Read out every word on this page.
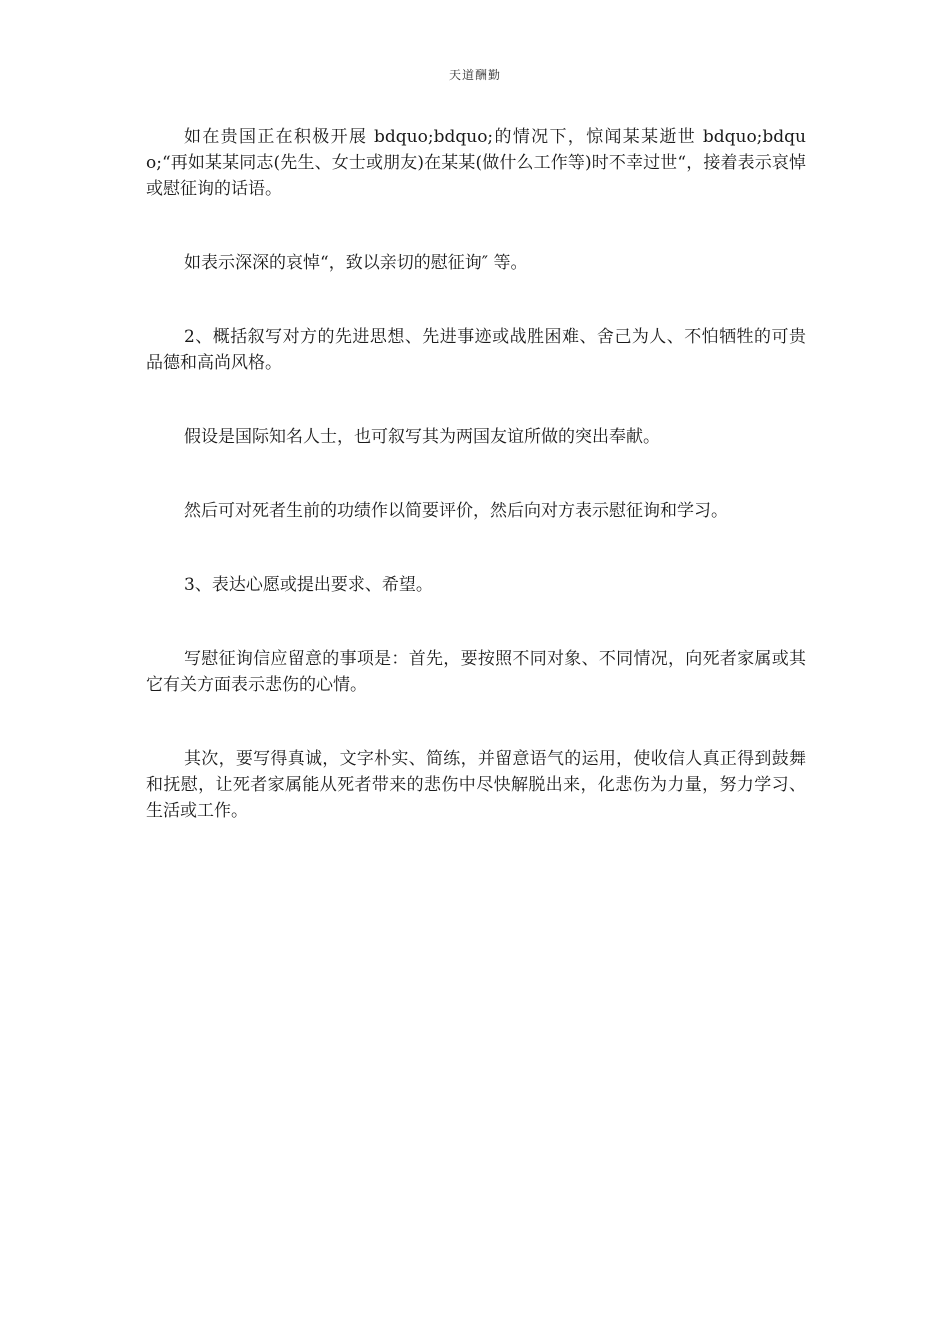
天道酬勤

如在贵国正在积极开展 bdquo;bdquo;的情况下，惊闻某某逝世 bdquo;bdquo;“再如某某同志(先生、女士或朋友)在某某(做什么工作等)时不幸过世“，接着表示哀悼或慰征询的话语。

如表示深深的哀悼“，致以亲切的慰征询″ 等。

2、概括叙写对方的先进思想、先进事迹或战胜困难、舍己为人、不怕牺牲的可贵品德和高尚风格。

假设是国际知名人士，也可叙写其为两国友谊所做的突出奉献。

然后可对死者生前的功绩作以简要评价，然后向对方表示慰征询和学习。

3、表达心愿或提出要求、希望。

写慰征询信应留意的事项是：首先，要按照不同对象、不同情况，向死者家属或其它有关方面表示悲伤的心情。

其次，要写得真诚，文字朴实、简练，并留意语气的运用，使收信人真正得到鼓舞和抚慰，让死者家属能从死者带来的悲伤中尽快解脱出来，化悲伤为力量，努力学习、生活或工作。
